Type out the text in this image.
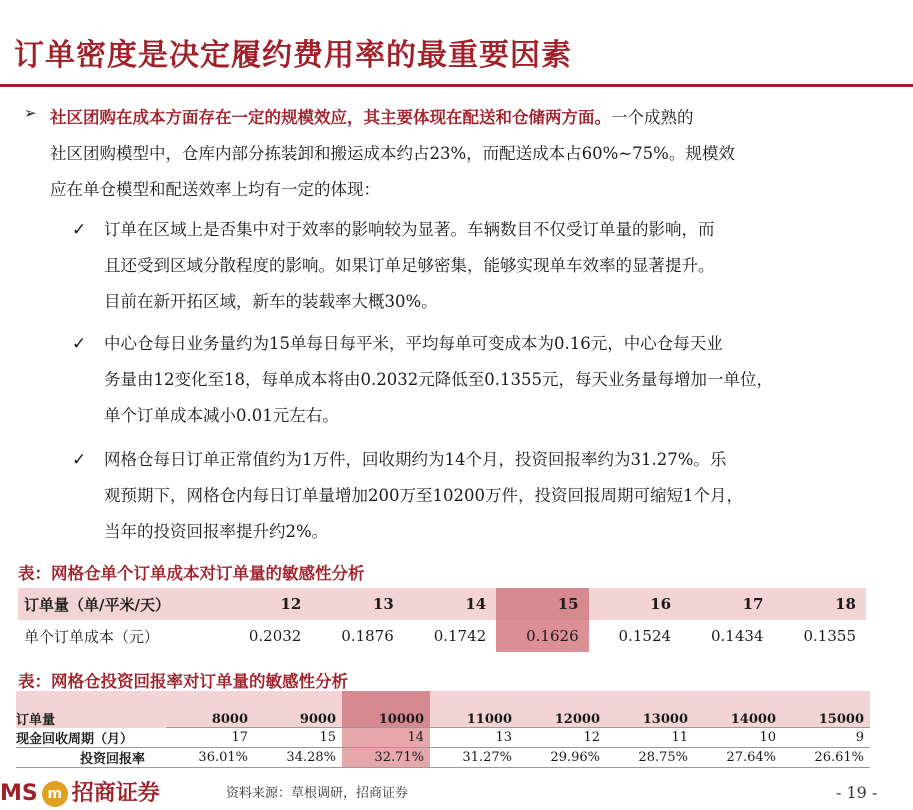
订单密度是决定履约费用率的最重要因素
➢ 社区团购在成本方面存在一定的规模效应，其主要体现在配送和仓储两方面。一个成熟的
社区团购模型中，仓库内部分拣装卸和搬运成本约占23%，而配送成本占60%~75%。规模效
应在单仓模型和配送效率上均有一定的体现：
✓ 订单在区域上是否集中对于效率的影响较为显著。车辆数目不仅受订单量的影响，而
且还受到区域分散程度的影响。如果订单足够密集，能够实现单车效率的显著提升。
目前在新开拓区域，新车的装载率大概30%。
✓ 中心仓每日业务量约为15单每日每平米，平均每单可变成本为0.16元，中心仓每天业
务量由12变化至18，每单成本将由0.2032元降低至0.1355元，每天业务量每增加一单位，
单个订单成本减小0.01元左右。
✓ 网格仓每日订单正常值约为1万件，回收期约为14个月，投资回报率约为31.27%。乐
观预期下，网格仓内每日订单量增加200万至10200万件，投资回报周期可缩短1个月，
当年的投资回报率提升约2%。
表：网格仓单个订单成本对订单量的敏感性分析
订单量（单/平米/天）	12	13	14	15	16	17	18
单个订单成本（元）	0.2032	0.1876	0.1742	0.1626	0.1524	0.1434	0.1355
表：网格仓投资回报率对订单量的敏感性分析
订单量	8000	9000	10000	11000	12000	13000	14000	15000
现金回收周期（月）	17	15	14	13	12	11	10	9
投资回报率	36.01%	34.28%	32.71%	31.27%	29.96%	28.75%	27.64%	26.61%
MS m 招商证券	资料来源：草根调研，招商证券	- 19 -
